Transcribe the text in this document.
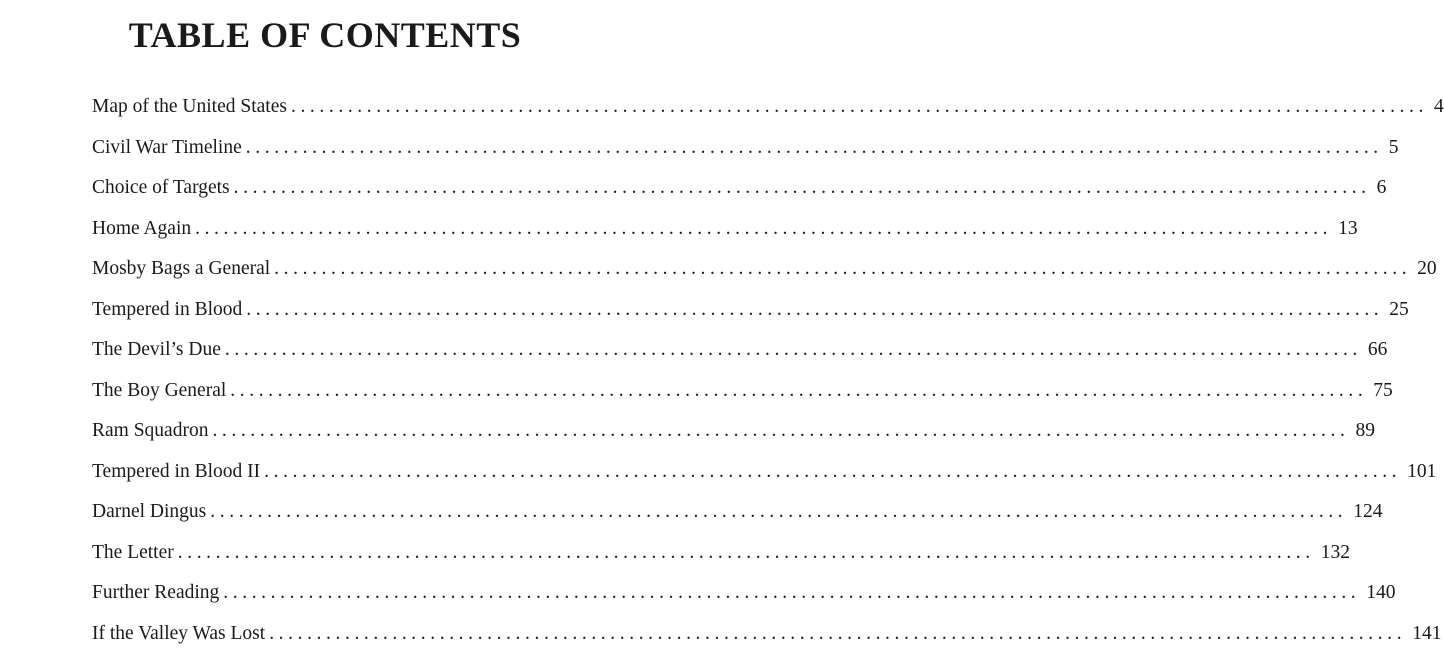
TABLE OF CONTENTS
Map of the United States ........................................................................................................................ 4
Civil War Timeline ........................................................................................................................ 5
Choice of Targets ........................................................................................................................ 6
Home Again ........................................................................................................................ 13
Mosby Bags a General ........................................................................................................................ 20
Tempered in Blood ........................................................................................................................ 25
The Devil’s Due ........................................................................................................................ 66
The Boy General ........................................................................................................................ 75
Ram Squadron ........................................................................................................................ 89
Tempered in Blood II ........................................................................................................................ 101
Darnel Dingus ........................................................................................................................ 124
The Letter ........................................................................................................................ 132
Further Reading ........................................................................................................................ 140
If the Valley Was Lost ........................................................................................................................ 141
